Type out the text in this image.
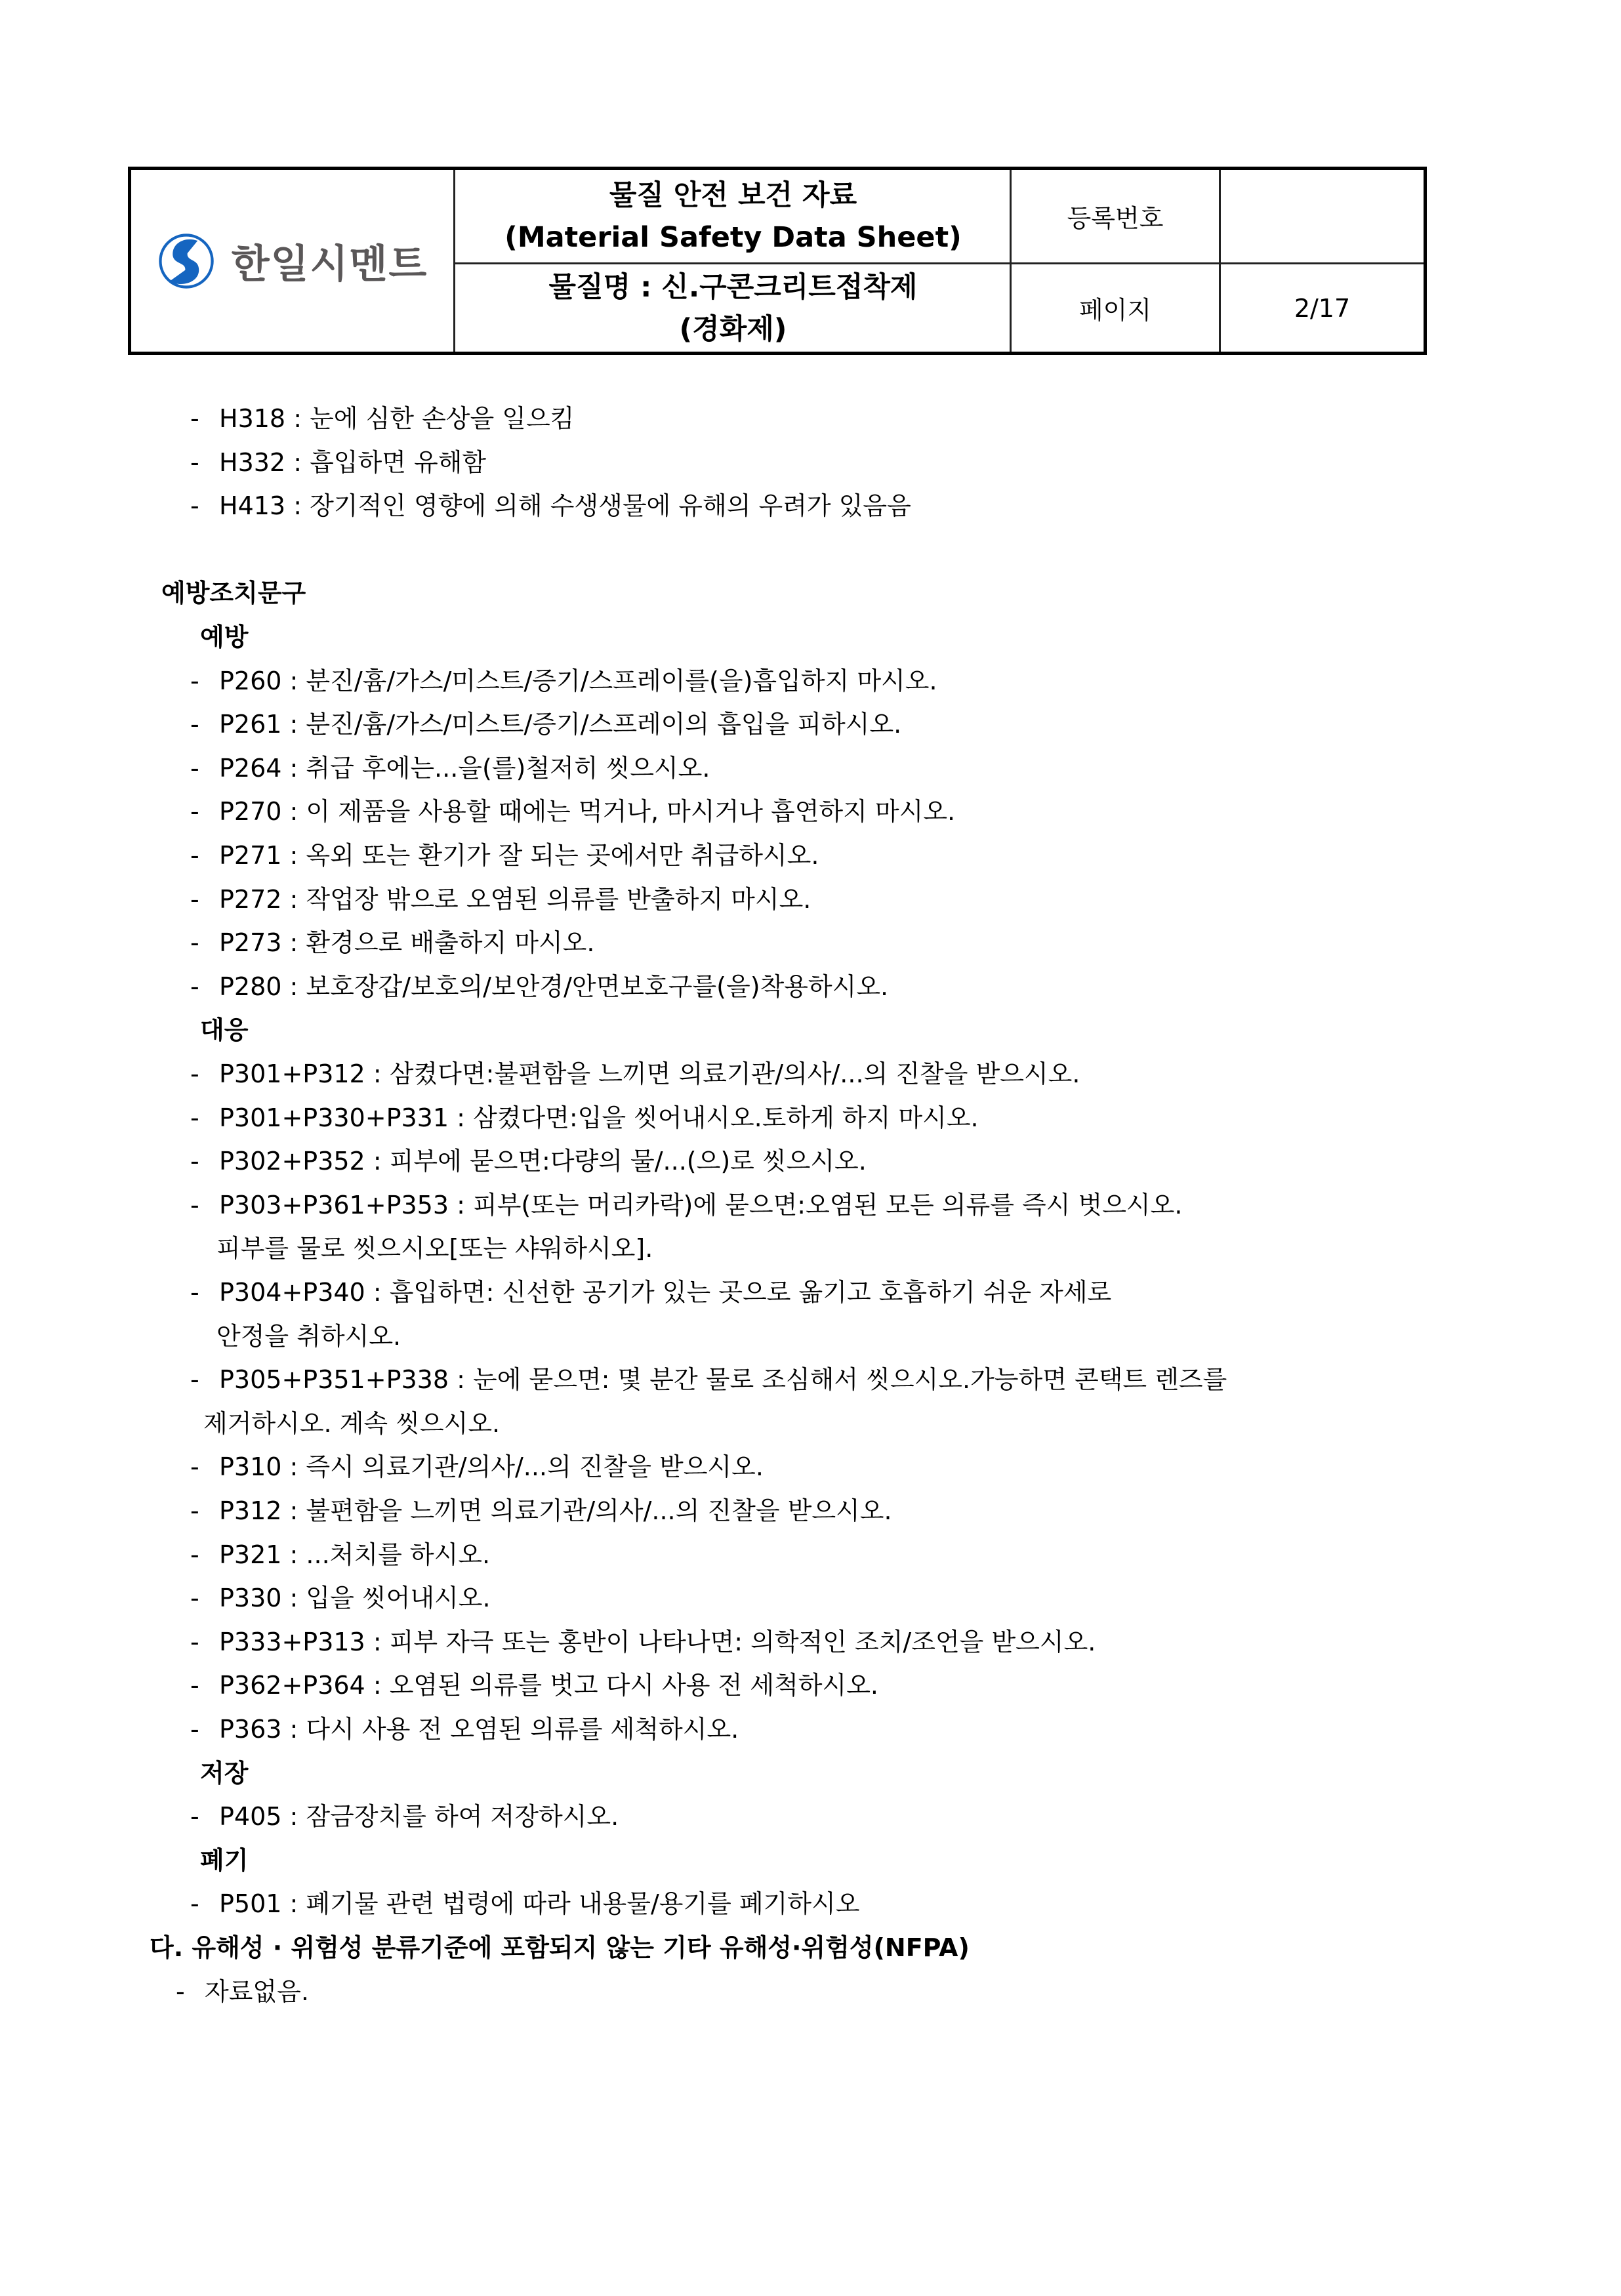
한일시멘트
물질 안전 보건 자료
(Material Safety Data Sheet)
물질명 : 신.구콘크리트접착제
(경화제)
등록번호
페이지	2/17
- H318 : 눈에 심한 손상을 일으킴
- H332 : 흡입하면 유해함
- H413 : 장기적인 영향에 의해 수생생물에 유해의 우려가 있음음
예방조치문구
예방
- P260 : 분진/흄/가스/미스트/증기/스프레이를(을)흡입하지 마시오.
- P261 : 분진/흄/가스/미스트/증기/스프레이의 흡입을 피하시오.
- P264 : 취급 후에는...을(를)철저히 씻으시오.
- P270 : 이 제품을 사용할 때에는 먹거나, 마시거나 흡연하지 마시오.
- P271 : 옥외 또는 환기가 잘 되는 곳에서만 취급하시오.
- P272 : 작업장 밖으로 오염된 의류를 반출하지 마시오.
- P273 : 환경으로 배출하지 마시오.
- P280 : 보호장갑/보호의/보안경/안면보호구를(을)착용하시오.
대응
- P301+P312 : 삼켰다면:불편함을 느끼면 의료기관/의사/...의 진찰을 받으시오.
- P301+P330+P331 : 삼켰다면:입을 씻어내시오.토하게 하지 마시오.
- P302+P352 : 피부에 묻으면:다량의 물/...(으)로 씻으시오.
- P303+P361+P353 : 피부(또는 머리카락)에 묻으면:오염된 모든 의류를 즉시 벗으시오.
피부를 물로 씻으시오[또는 샤워하시오].
- P304+P340 : 흡입하면: 신선한 공기가 있는 곳으로 옮기고 호흡하기 쉬운 자세로
안정을 취하시오.
- P305+P351+P338 : 눈에 묻으면: 몇 분간 물로 조심해서 씻으시오.가능하면 콘택트 렌즈를
제거하시오. 계속 씻으시오.
- P310 : 즉시 의료기관/의사/...의 진찰을 받으시오.
- P312 : 불편함을 느끼면 의료기관/의사/...의 진찰을 받으시오.
- P321 : ...처치를 하시오.
- P330 : 입을 씻어내시오.
- P333+P313 : 피부 자극 또는 홍반이 나타나면: 의학적인 조치/조언을 받으시오.
- P362+P364 : 오염된 의류를 벗고 다시 사용 전 세척하시오.
- P363 : 다시 사용 전 오염된 의류를 세척하시오.
저장
- P405 : 잠금장치를 하여 저장하시오.
폐기
- P501 : 폐기물 관련 법령에 따라 내용물/용기를 폐기하시오
다. 유해성 · 위험성 분류기준에 포함되지 않는 기타 유해성·위험성(NFPA)
- 자료없음.
